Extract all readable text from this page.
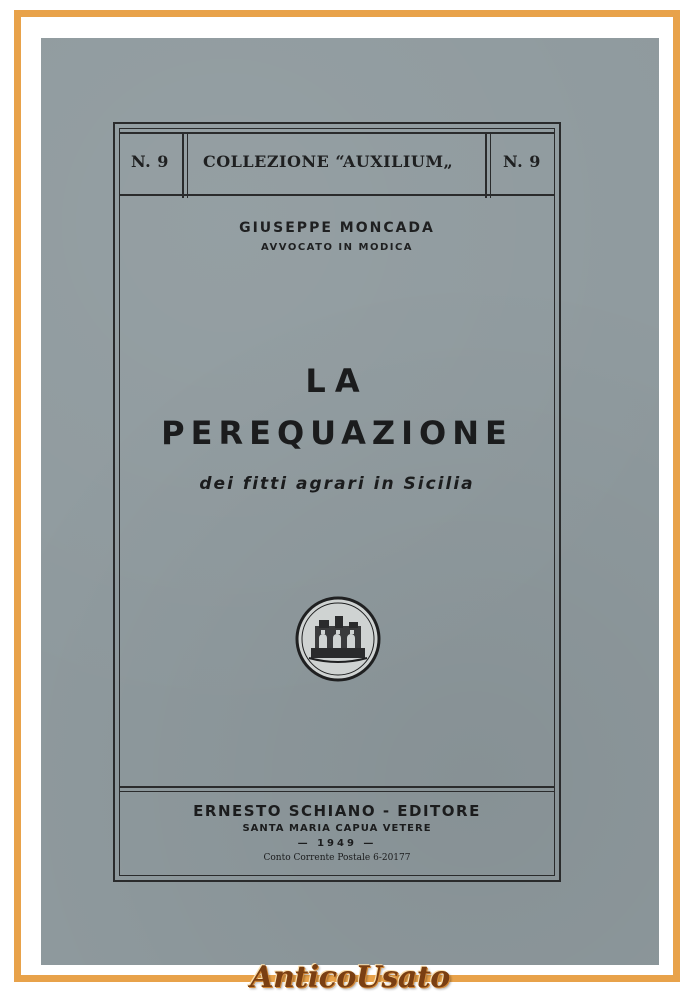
N. 9 COLLEZIONE “AUXILIUM„	N. 9
GIUSEPPE MONCADA
AVVOCATO IN MODICA
LA
PEREQUAZIONE
dei fitti agrari in Sicilia
ERNESTO SCHIANO - EDITORE
SANTA MARIA CAPUA VETERE
— 1949 —
Conto Corrente Postale 6-20177
AnticoUsato
